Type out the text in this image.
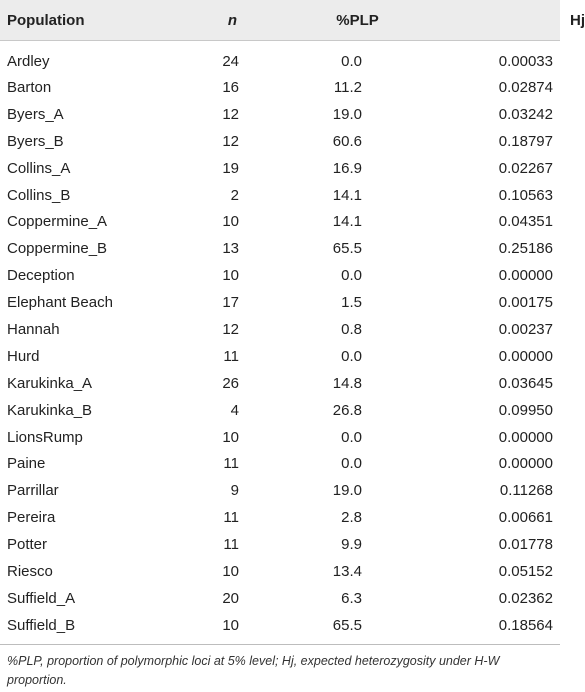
Population	n	%PLP	Hj
Ardley	24	0.0	0.00033
Barton	16	11.2	0.02874
Byers_A	12	19.0	0.03242
Byers_B	12	60.6	0.18797
Collins_A	19	16.9	0.02267
Collins_B	2	14.1	0.10563
Coppermine_A	10	14.1	0.04351
Coppermine_B	13	65.5	0.25186
Deception	10	0.0	0.00000
Elephant Beach	17	1.5	0.00175
Hannah	12	0.8	0.00237
Hurd	11	0.0	0.00000
Karukinka_A	26	14.8	0.03645
Karukinka_B	4	26.8	0.09950
LionsRump	10	0.0	0.00000
Paine	11	0.0	0.00000
Parrillar	9	19.0	0.11268
Pereira	11	2.8	0.00661
Potter	11	9.9	0.01778
Riesco	10	13.4	0.05152
Suffield_A	20	6.3	0.02362
Suffield_B	10	65.5	0.18564
%PLP, proportion of polymorphic loci at 5% level; Hj, expected heterozygosity under H-W proportion.
